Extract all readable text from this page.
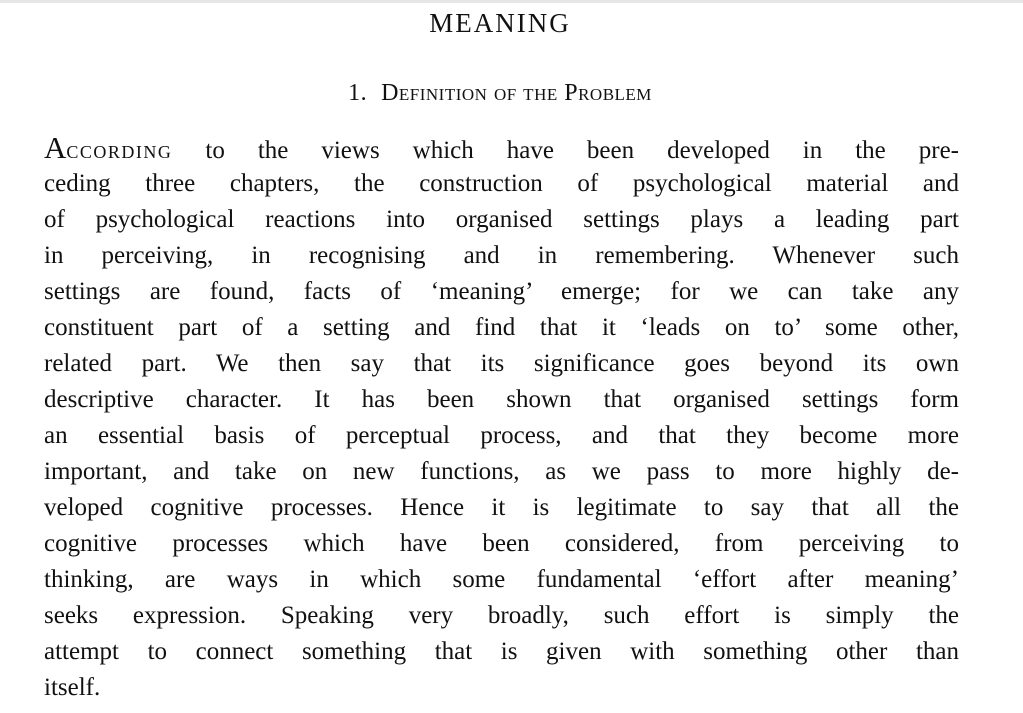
MEANING
1. Definition of the Problem
According to the views which have been developed in the pre-
ceding three chapters, the construction of psychological material and
of psychological reactions into organised settings plays a leading part
in perceiving, in recognising and in remembering. Whenever such
settings are found, facts of ‘meaning’ emerge; for we can take any
constituent part of a setting and find that it ‘leads on to’ some other,
related part. We then say that its significance goes beyond its own
descriptive character. It has been shown that organised settings form
an essential basis of perceptual process, and that they become more
important, and take on new functions, as we pass to more highly de-
veloped cognitive processes. Hence it is legitimate to say that all the
cognitive processes which have been considered, from perceiving to
thinking, are ways in which some fundamental ‘effort after meaning’
seeks expression. Speaking very broadly, such effort is simply the
attempt to connect something that is given with something other than
itself.
